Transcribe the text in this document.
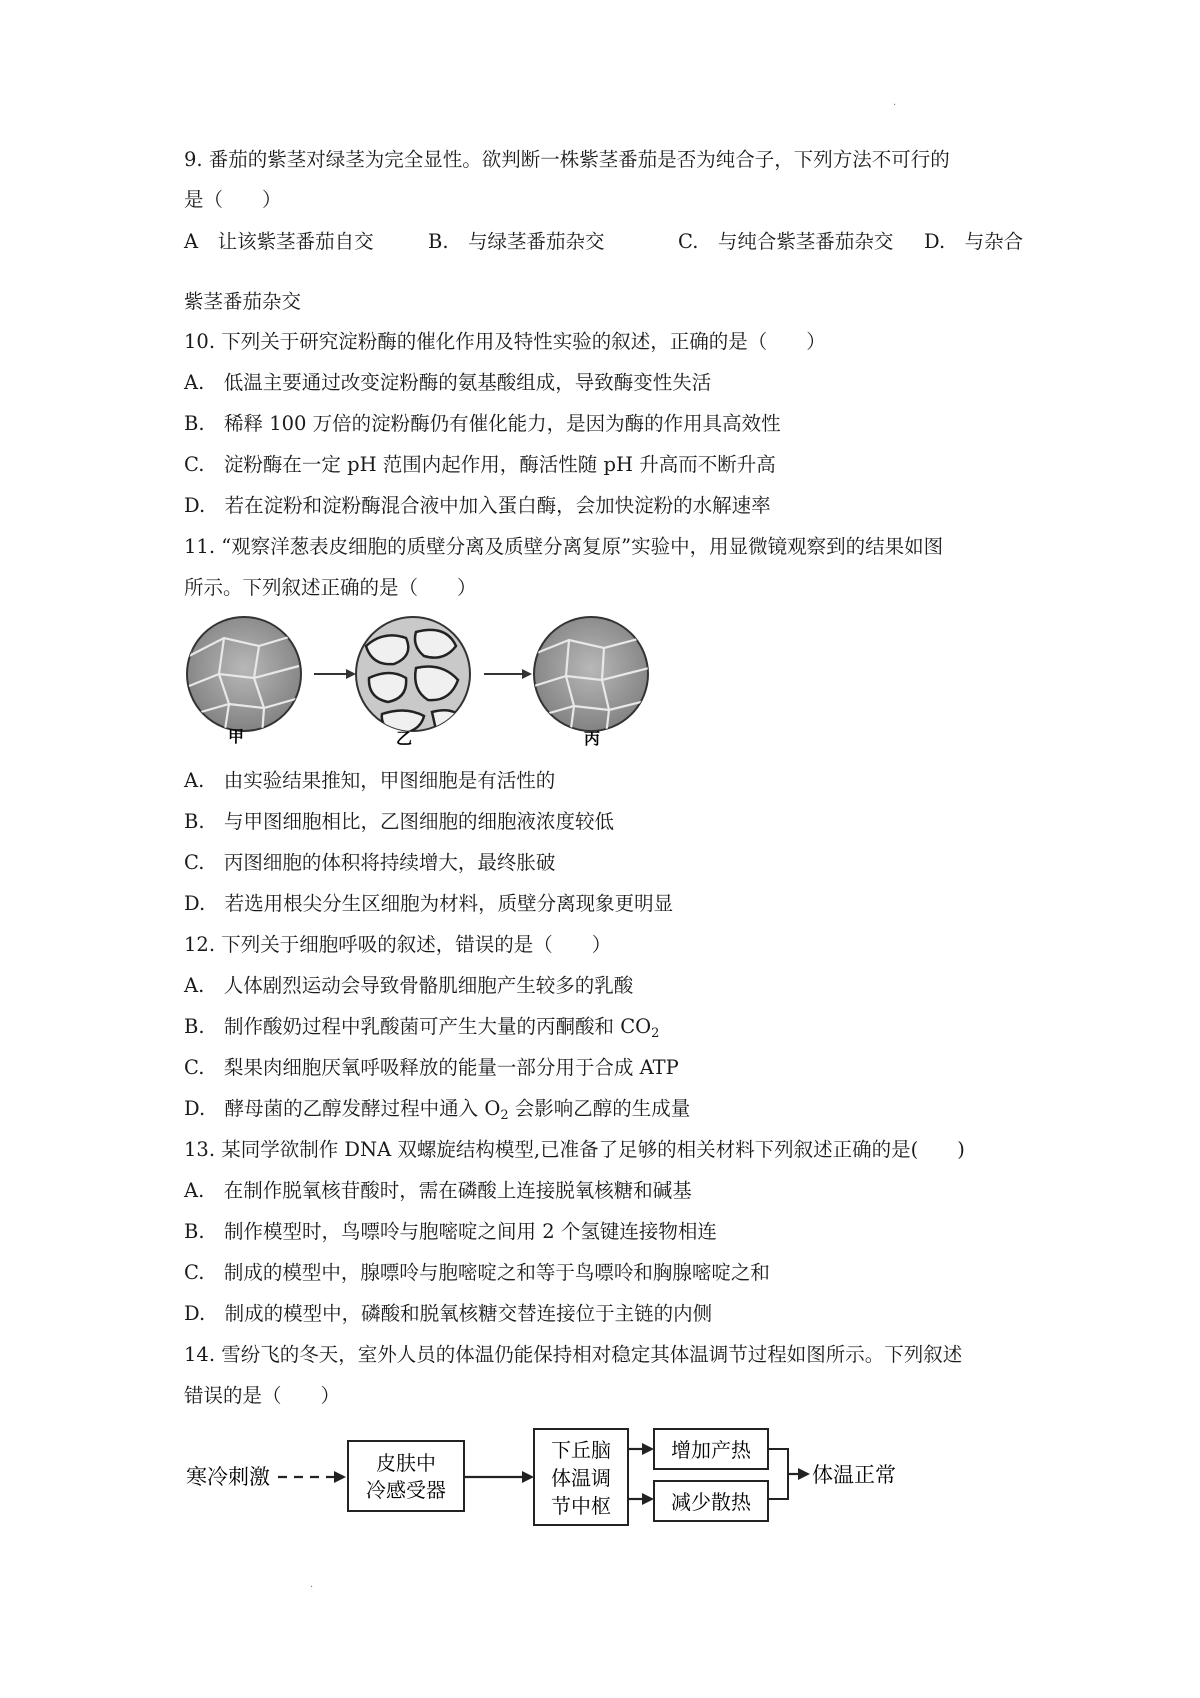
·
9. 番茄的紫茎对绿茎为完全显性。欲判断一株紫茎番茄是否为纯合子，下列方法不可行的
是（　　）
A　让该紫茎番茄自交	B.　与绿茎番茄杂交	C.　与纯合紫茎番茄杂交 D.　与杂合
紫茎番茄杂交
10. 下列关于研究淀粉酶的催化作用及特性实验的叙述，正确的是（　　）
A.　低温主要通过改变淀粉酶的氨基酸组成，导致酶变性失活
B.　稀释 100 万倍的淀粉酶仍有催化能力，是因为酶的作用具高效性
C.　淀粉酶在一定 pH 范围内起作用，酶活性随 pH 升高而不断升高
D.　若在淀粉和淀粉酶混合液中加入蛋白酶，会加快淀粉的水解速率
11. “观察洋葱表皮细胞的质壁分离及质壁分离复原”实验中，用显微镜观察到的结果如图
所示。下列叙述正确的是（　　）
甲	乙	丙
A.　由实验结果推知，甲图细胞是有活性的
B.　与甲图细胞相比，乙图细胞的细胞液浓度较低
C.　丙图细胞的体积将持续增大，最终胀破
D.　若选用根尖分生区细胞为材料，质壁分离现象更明显
12. 下列关于细胞呼吸的叙述，错误的是（　　）
A.　人体剧烈运动会导致骨骼肌细胞产生较多的乳酸
B.　制作酸奶过程中乳酸菌可产生大量的丙酮酸和 $CO_2$
C.　梨果肉细胞厌氧呼吸释放的能量一部分用于合成 ATP
D.　酵母菌的乙醇发酵过程中通入 $O_2$ 会影响乙醇的生成量
13. 某同学欲制作 DNA 双螺旋结构模型,已准备了足够的相关材料下列叙述正确的是(　　)
A.　在制作脱氧核苷酸时，需在磷酸上连接脱氧核糖和碱基
B.　制作模型时，鸟嘌呤与胞嘧啶之间用 2 个氢键连接物相连
C.　制成的模型中，腺嘌呤与胞嘧啶之和等于鸟嘌呤和胸腺嘧啶之和
D.　制成的模型中，磷酸和脱氧核糖交替连接位于主链的内侧
14. 雪纷飞的冬天，室外人员的体温仍能保持相对稳定其体温调节过程如图所示。下列叙述
错误的是（　　）
寒冷刺激
皮肤中
冷感受器
下丘脑
体温调
节中枢
增加产热
减少散热
体温正常
·
